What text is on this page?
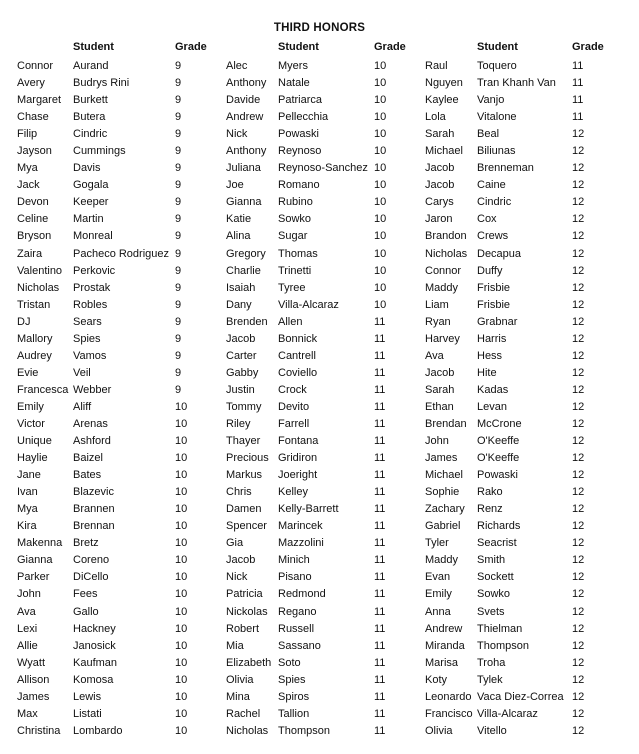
THIRD HONORS
Student	Grade
Connor Aurand	9
Avery	Budrys Rini	9
Margaret Burkett	9
Chase Butera	9
Filip	Cindric	9
Jayson Cummings	9
Mya	Davis	9
Jack	Gogala	9
Devon Keeper	9
Celine Martin	9
Bryson Monreal	9
Zaira	Pacheco Rodriguez 9
Valentino Perkovic	9
Nicholas Prostak	9
Tristan Robles	9
DJ	Sears	9
Mallory Spies	9
Audrey Vamos	9
Evie	Veil	9
Francesca Webber	9
Emily	Aliff	10
Victor	Arenas	10
Unique Ashford	10
Haylie Baizel	10
Jane	Bates	10
Ivan	Blazevic	10
Mya	Brannen	10
Kira	Brennan	10
Makenna Bretz	10
Gianna Coreno	10
Parker DiCello	10
John	Fees	10
Ava	Gallo	10
Lexi	Hackney	10
Allie	Janosick	10
Wyatt	Kaufman	10
Allison Komosa	10
James Lewis	10
Max	Listati	10
Christina Lombardo	10
Student	Grade
Alec	Myers	10
Anthony Natale	10
Davide Patriarca	10
Andrew Pellecchia	10
Nick	Powaski	10
Anthony Reynoso	10
Juliana Reynoso-Sanchez 10
Joe	Romano	10
Gianna Rubino	10
Katie Sowko	10
Alina	Sugar	10
Gregory Thomas	10
Charlie Trinetti	10
Isaiah Tyree	10
Dany Villa-Alcaraz	10
Brenden Allen	11
Jacob Bonnick	11
Carter Cantrell	11
Gabby Coviello	11
Justin Crock	11
Tommy Devito	11
Riley	Farrell	11
Thayer Fontana	11
Precious Gridiron	11
Markus Joeright	11
Chris Kelley	11
Damen Kelly-Barrett	11
Spencer Marincek	11
Gia	Mazzolini	11
Jacob Minich	11
Nick	Pisano	11
Patricia Redmond	11
Nickolas Regano	11
Robert Russell	11
Mia	Sassano	11
Elizabeth Soto	11
Olivia Spies	11
Mina	Spiros	11
Rachel Tallion	11
Nicholas Thompson	11
Student	Grade
Raul	Toquero	11
Nguyen Tran Khanh Van 11
Kaylee Vanjo	11
Lola	Vitalone	11
Sarah Beal	12
Michael Biliunas	12
Jacob Brenneman	12
Jacob Caine	12
Carys Cindric	12
Jaron Cox	12
Brandon Crews	12
Nicholas Decapua	12
Connor Duffy	12
Maddy Frisbie	12
Liam	Frisbie	12
Ryan Grabnar	12
Harvey Harris	12
Ava	Hess	12
Jacob Hite	12
Sarah Kadas	12
Ethan Levan	12
Brendan McCrone	12
John	O'Keeffe	12
James O'Keeffe	12
Michael Powaski	12
Sophie Rako	12
Zachary Renz	12
Gabriel Richards	12
Tyler	Seacrist	12
Maddy Smith	12
Evan Sockett	12
Emily Sowko	12
Anna Svets	12
Andrew Thielman	12
Miranda Thompson	12
Marisa Troha	12
Koty	Tylek	12
Leonardo Vaca Diez-Correa 12
Francisco Villa-Alcaraz	12
Olivia Vitello	12
